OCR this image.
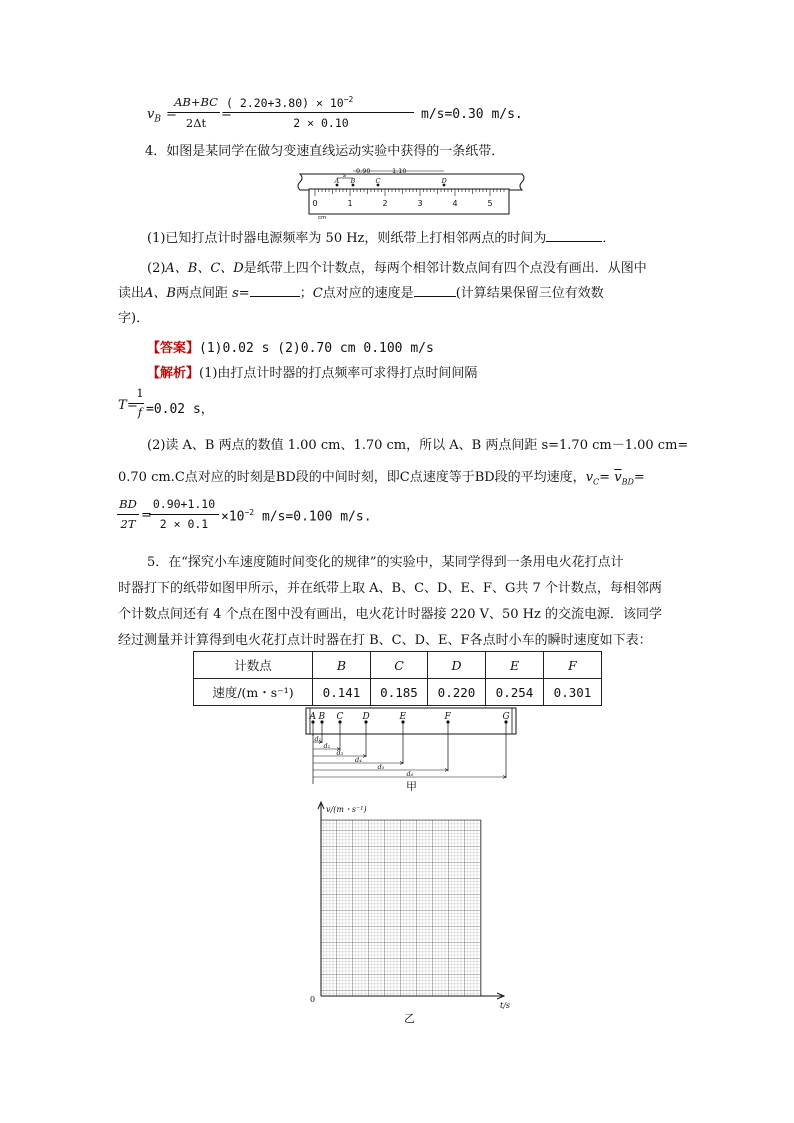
$v_B$ =
AB+BC
2Δt
=
( $2.20+3.80) \times 10^{-2}$
2 × 0.10
m/s=0.30 m/s.
4．如图是某同学在做匀变速直线运动实验中获得的一条纸带．
0	1	2	3	4	5
cm
A B	C	D
s
0.90	1.10
(1)已知打点计时器电源频率为 50 Hz，则纸带上打相邻两点的时间为	．
(2)A、B、C、D是纸带上四个计数点，每两个相邻计数点间有四个点没有画出．从图中
读出A、B两点间距 s=	；C点对应的速度是	(计算结果保留三位有效数
字)．
【答案】(1)0.02 s (2)0.70 cm 0.100 m/s
【解析】(1)由打点计时器的打点频率可求得打点时间间隔
T =
1
f =0.02 s，
(2)读 A、B 两点的数值 1.00 cm、1.70 cm，所以 A、B 两点间距 s=1.70 cm－1.00 cm=
0.70 cm.C点对应的时刻是BD段的中间时刻，即C点速度等于BD段的平均速度，$v_C= \overline{v}_{BD}=$
BD
2T
=
0.90+1.10
$2 \times 0.1 \times 10^{-2}$ m/s=0.100 m/s.
5．在“探究小车速度随时间变化的规律”的实验中，某同学得到一条用电火花打点计
时器打下的纸带如图甲所示，并在纸带上取 A、B、C、D、E、F、G共 7 个计数点，每相邻两
个计数点间还有 4 个点在图中没有画出，电火花计时器接 220 V、50 Hz 的交流电源．该同学
经过测量并计算得到电火花打点计时器在打 B、C、D、E、F各点时小车的瞬时速度如下表：
计数点	B	C	D	E	F
速度/(m・s⁻¹)	0.141	0.185	0.220	0.254	0.301
A B C D	E	F	G
d₁
d₂
d₃
d₄
d₅
d₆
甲
v/(m・s⁻¹)
t/s
0
乙
